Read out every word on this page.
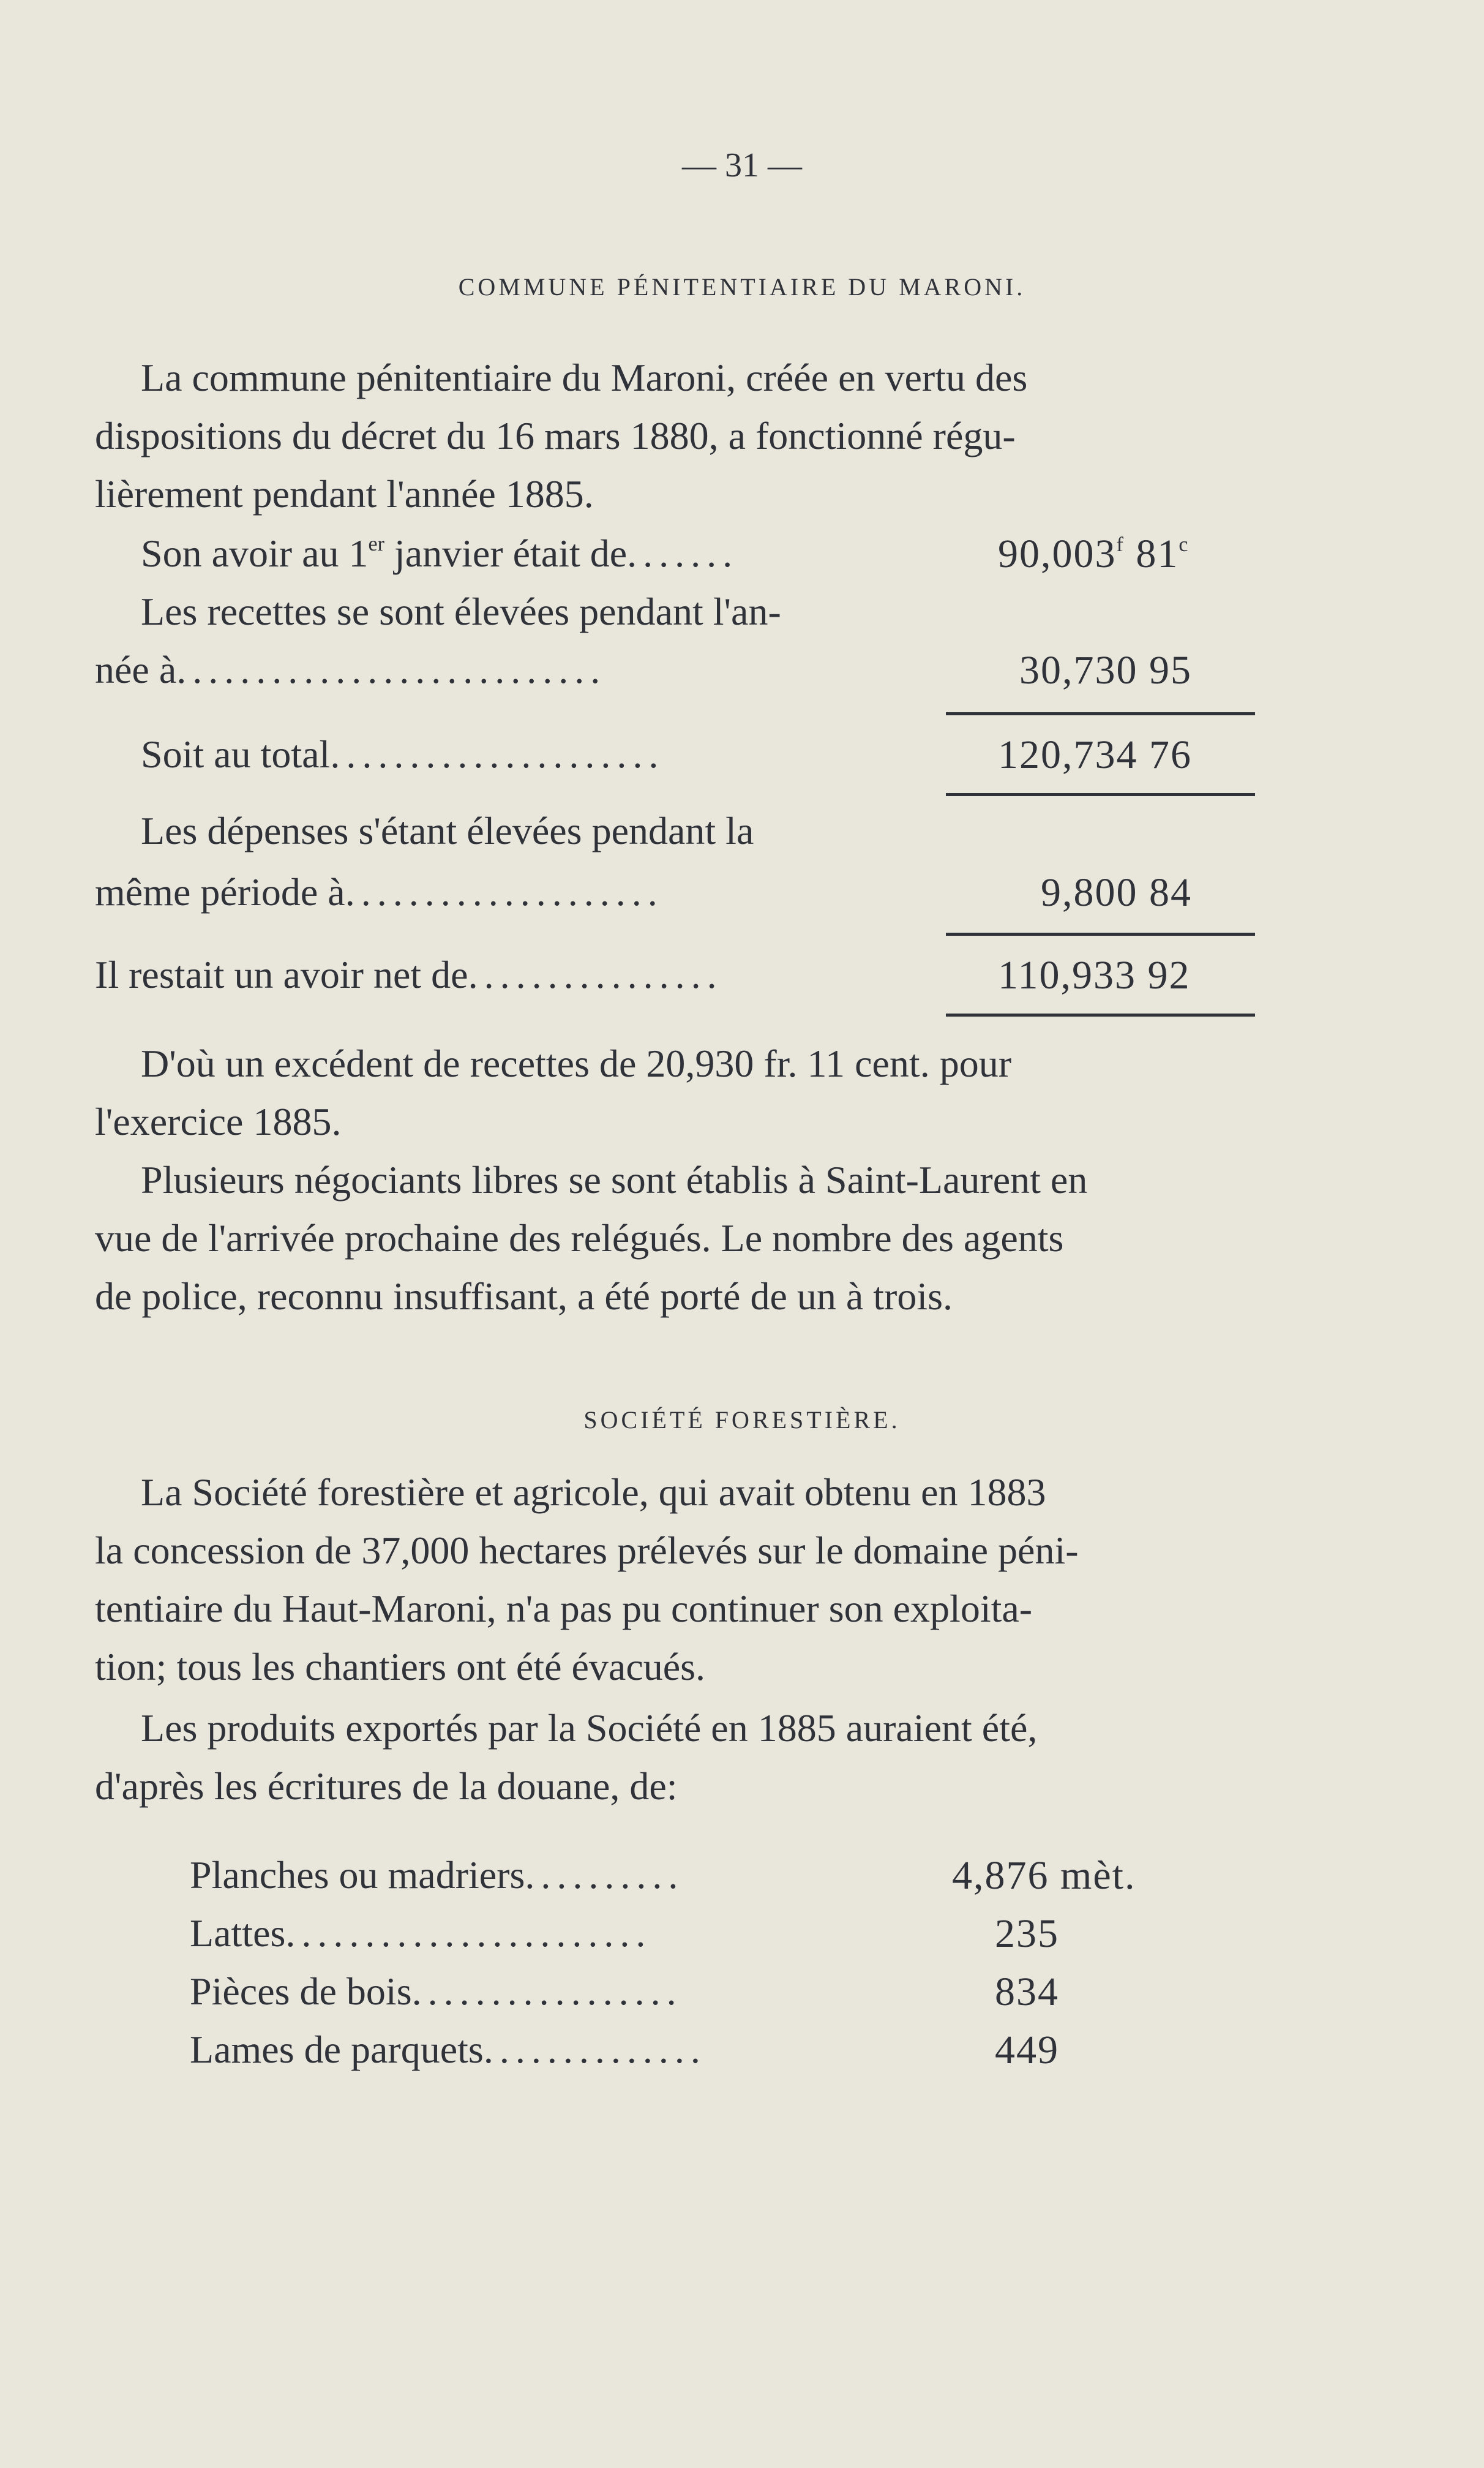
— 31 —
COMMUNE PÉNITENTIAIRE DU MARONI.
La commune pénitentiaire du Maroni, créée en vertu des
dispositions du décret du 16 mars 1880, a fonctionné régu-
lièrement pendant l'année 1885.
Son avoir au 1er janvier était de.......	90,003$^f$ 81$^c$
Les recettes se sont élevées pendant l'an-
née à...........................	30,730 95
Soit au total.....................	120,734 76
Les dépenses s'étant élevées pendant la
même période à....................	9,800 84
Il restait un avoir net de................	110,933 92
D'où un excédent de recettes de 20,930 fr. 11 cent. pour
l'exercice 1885.
Plusieurs négociants libres se sont établis à Saint-Laurent en
vue de l'arrivée prochaine des relégués. Le nombre des agents
de police, reconnu insuffisant, a été porté de un à trois.
SOCIÉTÉ FORESTIÈRE.
La Société forestière et agricole, qui avait obtenu en 1883
la concession de 37,000 hectares prélevés sur le domaine péni-
tentiaire du Haut-Maroni, n'a pas pu continuer son exploita-
tion; tous les chantiers ont été évacués.
Les produits exportés par la Société en 1885 auraient été,
d'après les écritures de la douane, de:
Planches ou madriers..........	4,876 mèt.
Lattes.......................	235
Pièces de bois.................	834
Lames de parquets..............	449
